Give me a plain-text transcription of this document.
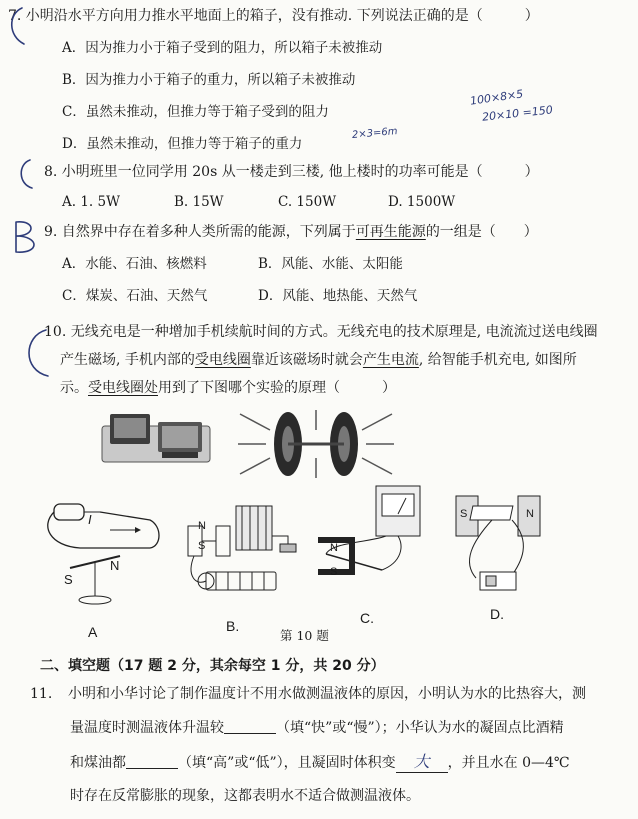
7. 小明沿水平方向用力推水平地面上的箱子，没有推动. 下列说法正确的是（　　　）
A．因为推力小于箱子受到的阻力，所以箱子未被推动
B．因为推力小于箱子的重力，所以箱子未被推动
C．虽然未推动，但推力等于箱子受到的阻力
D．虽然未推动，但推力等于箱子的重力
100×8×5
20×10 =150
2×3=6m
8. 小明班里一位同学用 20s 从一楼走到三楼, 他上楼时的功率可能是（　　　）
A. 1. 5W	B. 15W	C. 150W	D. 1500W
9. 自然界中存在着多种人类所需的能源，下列属于可再生能源的一组是（　　）
A．水能、石油、核燃料	B．风能、水能、太阳能
C．煤炭、石油、天然气	D．风能、地热能、天然气
10. 无线充电是一种增加手机续航时间的方式。无线充电的技术原理是, 电流流过送电线圈
产生磁场, 手机内部的受电线圈靠近该磁场时就会产生电流, 给智能手机充电, 如图所
示。受电线圈处用到了下图哪个实验的原理（　　　）
I
S
N
N
S	N
S
S	N
A	B.	C.	D.
第 10 题
二、填空题（17 题 2 分，其余每空 1 分，共 20 分）
11. 小明和小华讨论了制作温度计不用水做测温液体的原因，小明认为水的比热容大，测
量温度时测温液体升温较	（填“快”或“慢”）；小华认为水的凝固点比酒精
和煤油都	（填“高”或“低”），且凝固时体积变 大 ，并且水在 0—4℃
时存在反常膨胀的现象，这都表明水不适合做测温液体。
